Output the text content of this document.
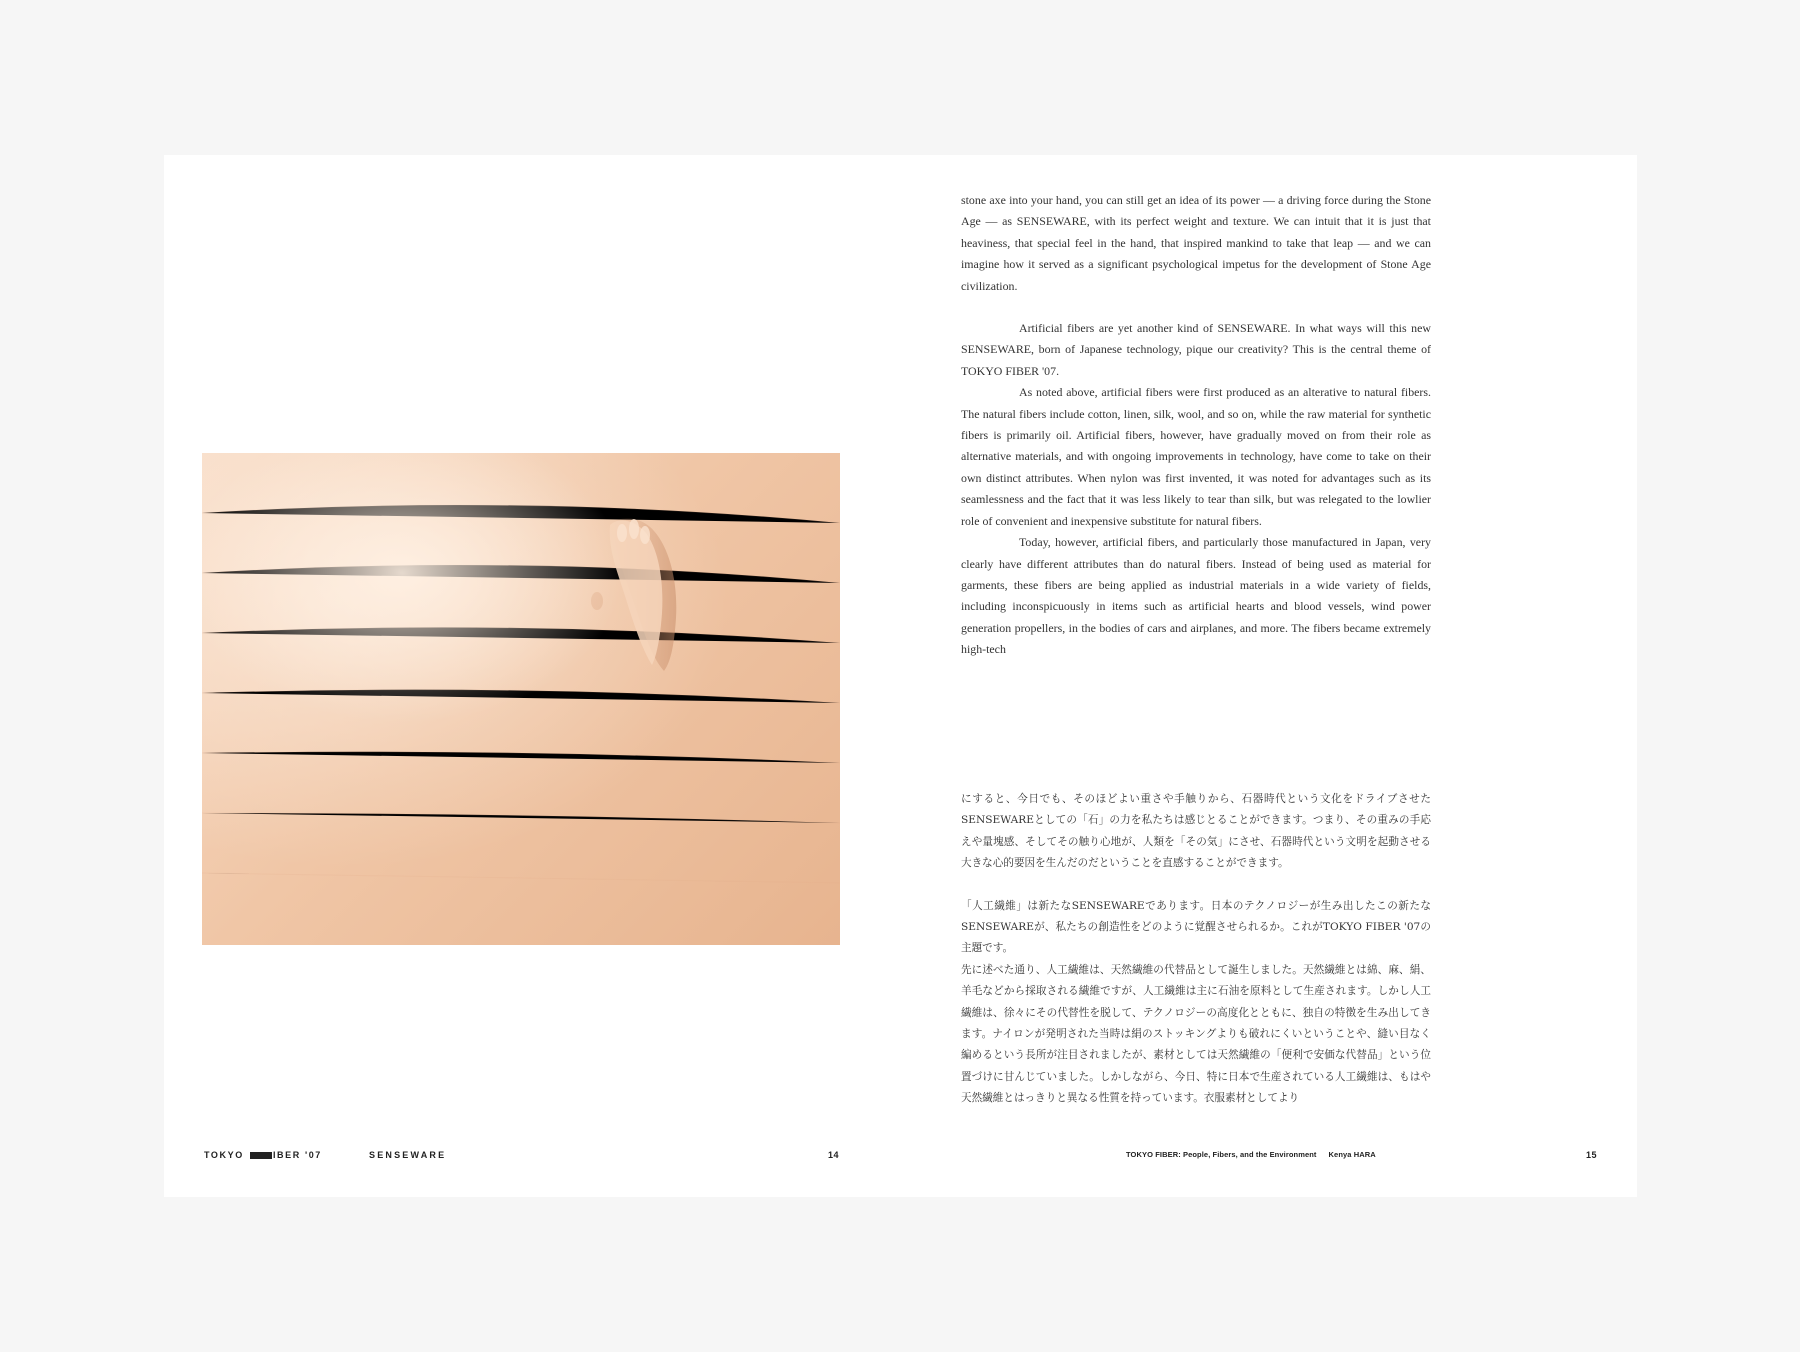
TOKYO	IBER '07	SENSEWARE	14

stone axe into your hand, you can still get an idea of its power — a driving force during the Stone Age — as SENSEWARE, with its perfect weight and texture. We can intuit that it is just that heaviness, that special feel in the hand, that inspired mankind to take that leap — and we can imagine how it served as a significant psychological impetus for the development of Stone Age civilization.

Artificial fibers are yet another kind of SENSEWARE. In what ways will this new SENSEWARE, born of Japanese technology, pique our creativity? This is the central theme of TOKYO FIBER '07.

As noted above, artificial fibers were first produced as an alterative to natural fibers. The natural fibers include cotton, linen, silk, wool, and so on, while the raw material for synthetic fibers is primarily oil. Artificial fibers, however, have gradually moved on from their role as alternative materials, and with ongoing improvements in technology, have come to take on their own distinct attributes. When nylon was first invented, it was noted for advantages such as its seamlessness and the fact that it was less likely to tear than silk, but was relegated to the lowlier role of convenient and inexpensive substitute for natural fibers.

Today, however, artificial fibers, and particularly those manufactured in Japan, very clearly have different attributes than do natural fibers. Instead of being used as material for garments, these fibers are being applied as industrial materials in a wide variety of fields, including inconspicuously in items such as artificial hearts and blood vessels, wind power generation propellers, in the bodies of cars and airplanes, and more. The fibers became extremely high-tech

にすると、今日でも、そのほどよい重さや手触りから、石器時代という文化をドライブさせたSENSEWAREとしての「石」の力を私たちは感じとることができます。つまり、その重みの手応えや量塊感、そしてその触り心地が、人類を「その気」にさせ、石器時代という文明を起動させる大きな心的要因を生んだのだということを直感することができます。

「人工繊維」は新たなSENSEWAREであります。日本のテクノロジーが生み出したこの新たなSENSEWAREが、私たちの創造性をどのように覚醒させられるか。これがTOKYO FIBER '07の主題です。

先に述べた通り、人工繊維は、天然繊維の代替品として誕生しました。天然繊維とは綿、麻、絹、羊毛などから採取される繊維ですが、人工繊維は主に石油を原料として生産されます。しかし人工繊維は、徐々にその代替性を脱して、テクノロジーの高度化とともに、独自の特徴を生み出してきます。ナイロンが発明された当時は絹のストッキングよりも破れにくいということや、縫い目なく編めるという長所が注目されましたが、素材としては天然繊維の「便利で安価な代替品」という位置づけに甘んじていました。しかしながら、今日、特に日本で生産されている人工繊維は、もはや天然繊維とはっきりと異なる性質を持っています。衣服素材としてより

TOKYO FIBER: People, Fibers, and the Environment Kenya HARA	15
